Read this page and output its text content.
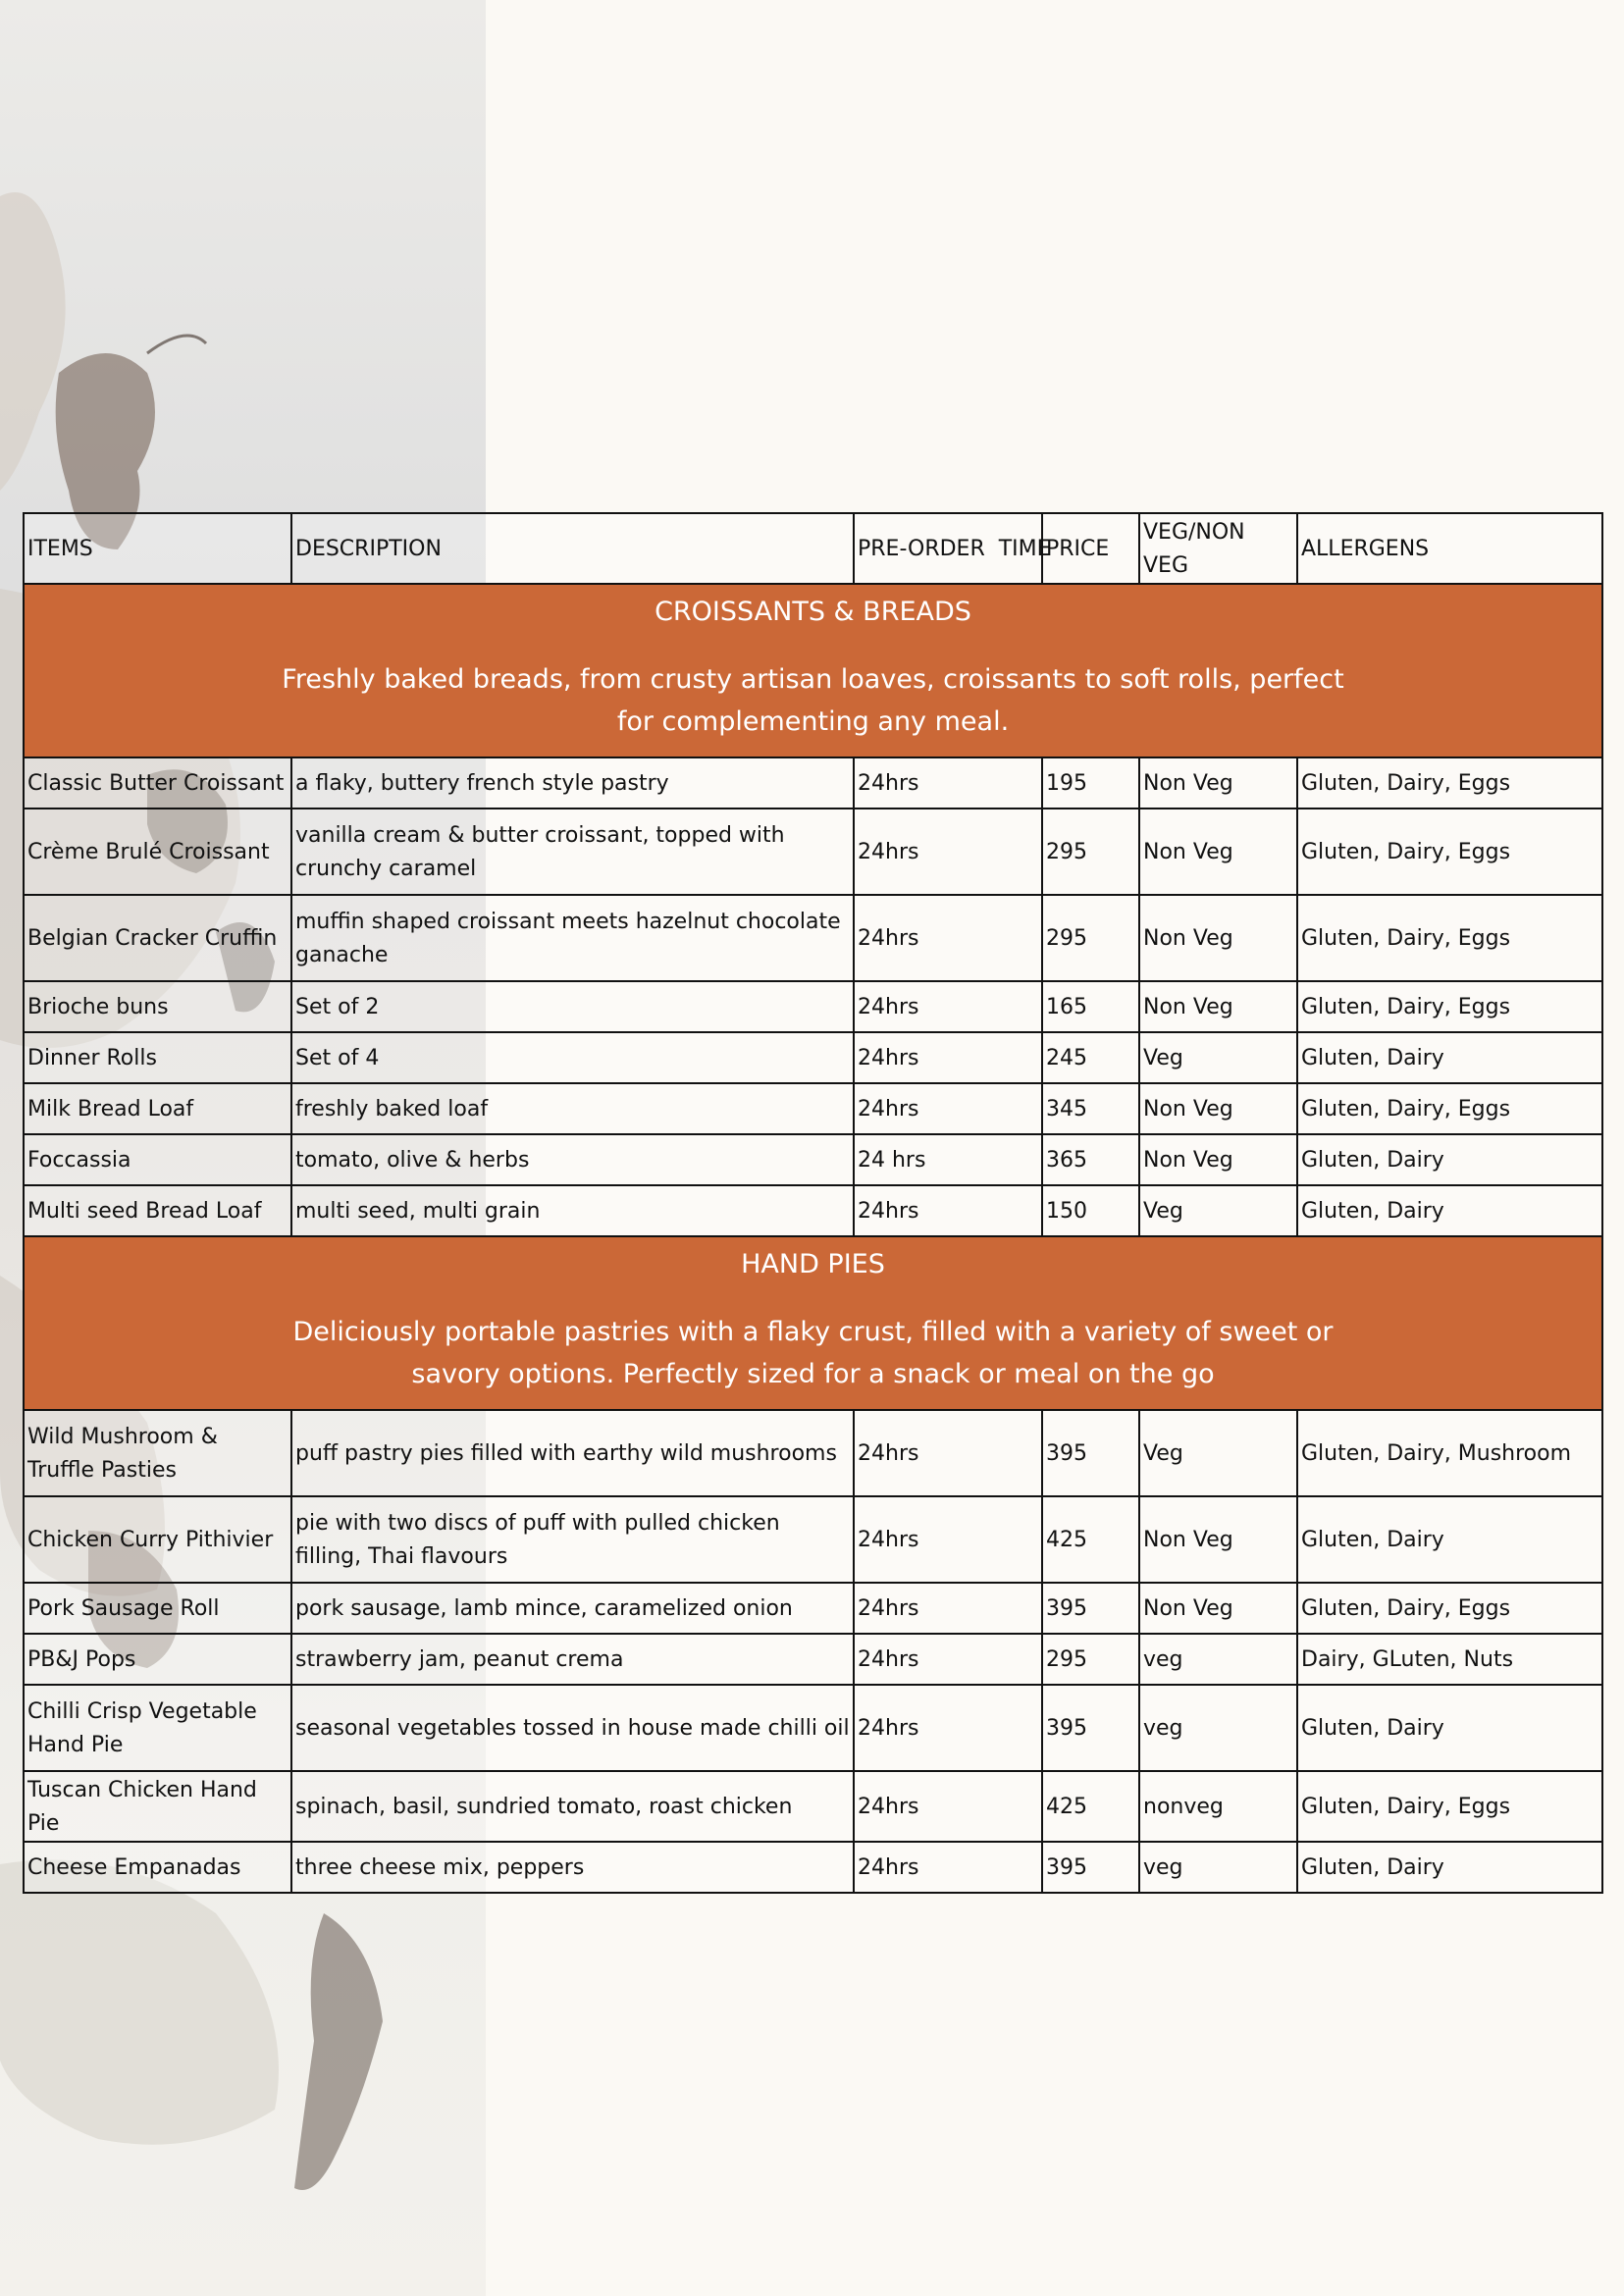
ITEMS	DESCRIPTION	PRE-ORDER  TIME	PRICE	VEG/NON VEG	ALLERGENS

CROISSANTS & BREADS
Freshly baked breads, from crusty artisan loaves, croissants to soft rolls, perfect for complementing any meal.					

Classic Butter Croissant	a flaky, buttery french style pastry	24hrs	195	Non Veg	Gluten, Dairy, Eggs
Crème Brulé Croissant	vanilla cream & butter croissant, topped with crunchy caramel	24hrs	295	Non Veg	Gluten, Dairy, Eggs
Belgian Cracker Cruffin	muffin shaped croissant meets hazelnut chocolate ganache	24hrs	295	Non Veg	Gluten, Dairy, Eggs
Brioche buns	Set of 2	24hrs	165	Non Veg	Gluten, Dairy, Eggs
Dinner Rolls	Set of 4	24hrs	245	Veg	Gluten, Dairy
Milk Bread Loaf	freshly baked loaf	24hrs	345	Non Veg	Gluten, Dairy, Eggs
Foccassia	tomato, olive & herbs	24 hrs	365	Non Veg	Gluten, Dairy
Multi seed Bread Loaf	multi seed, multi grain	24hrs	150	Veg	Gluten, Dairy

HAND PIES
Deliciously portable pastries with a flaky crust, filled with a variety of sweet or savory options. Perfectly sized for a snack or meal on the go					

Wild Mushroom & Truffle Pasties	puff pastry pies filled with earthy wild mushrooms	24hrs	395	Veg	Gluten, Dairy, Mushroom
Chicken Curry Pithivier	pie with two discs of puff with pulled chicken filling, Thai flavours	24hrs	425	Non Veg	Gluten, Dairy
Pork Sausage Roll	pork sausage, lamb mince, caramelized onion	24hrs	395	Non Veg	Gluten, Dairy, Eggs
PB&J Pops	strawberry jam, peanut crema	24hrs	295	veg	Dairy, GLuten, Nuts
Chilli Crisp Vegetable Hand Pie	seasonal vegetables tossed in house made chilli oil	24hrs	395	veg	Gluten, Dairy
Tuscan Chicken Hand Pie	spinach, basil, sundried tomato, roast chicken	24hrs	425	nonveg	Gluten, Dairy, Eggs
Cheese Empanadas	three cheese mix, peppers	24hrs	395	veg	Gluten, Dairy
